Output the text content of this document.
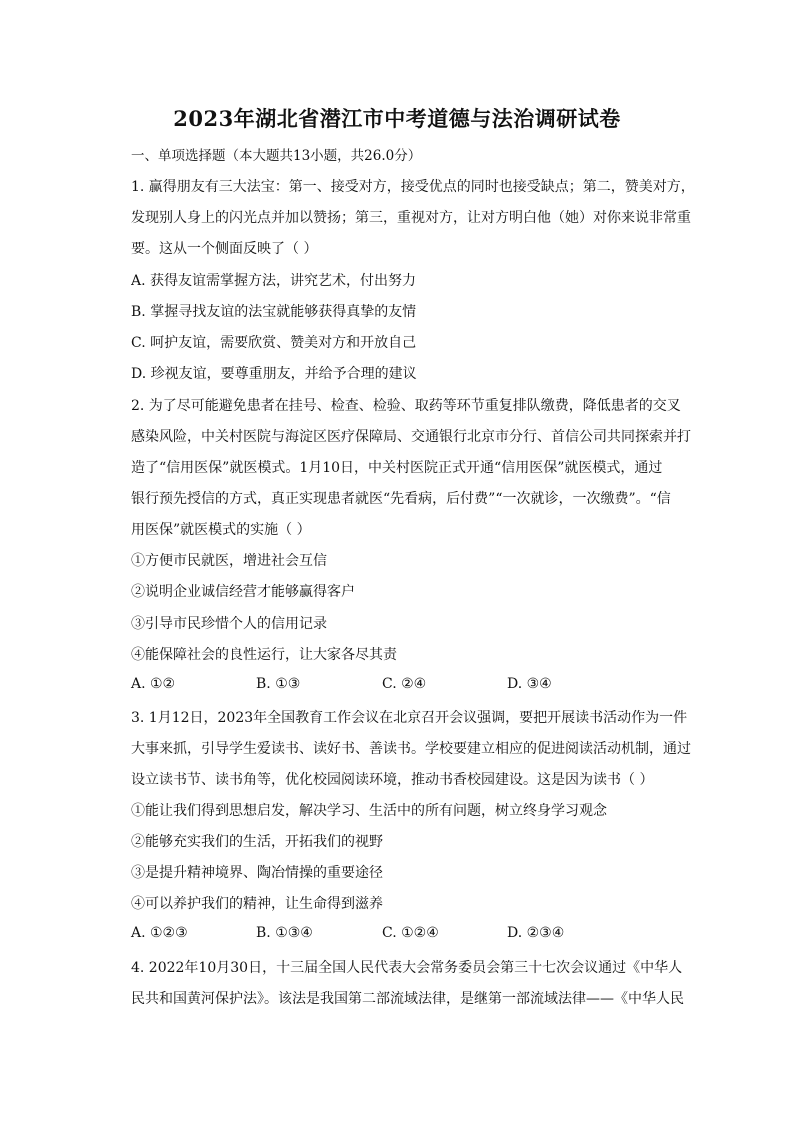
2023年湖北省潜江市中考道德与法治调研试卷
一、单项选择题（本大题共13小题，共26.0分）
1. 赢得朋友有三大法宝：第一、接受对方，接受优点的同时也接受缺点；第二，赞美对方，
发现别人身上的闪光点并加以赞扬；第三，重视对方，让对方明白他（她）对你来说非常重
要。这从一个侧面反映了（ ）
A. 获得友谊需掌握方法，讲究艺术，付出努力
B. 掌握寻找友谊的法宝就能够获得真挚的友情
C. 呵护友谊，需要欣赏、赞美对方和开放自己
D. 珍视友谊，要尊重朋友，并给予合理的建议
2. 为了尽可能避免患者在挂号、检查、检验、取药等环节重复排队缴费，降低患者的交叉
感染风险，中关村医院与海淀区医疗保障局、交通银行北京市分行、首信公司共同探索并打
造了“信用医保”就医模式。1月10日，中关村医院正式开通“信用医保”就医模式，通过
银行预先授信的方式，真正实现患者就医“先看病，后付费”“一次就诊，一次缴费”。“信
用医保”就医模式的实施（ ）
①方便市民就医，增进社会互信
②说明企业诚信经营才能够赢得客户
③引导市民珍惜个人的信用记录
④能保障社会的良性运行，让大家各尽其责
A. ①②	B. ①③	C. ②④	D. ③④
3. 1月12日，2023年全国教育工作会议在北京召开会议强调，要把开展读书活动作为一件
大事来抓，引导学生爱读书、读好书、善读书。学校要建立相应的促进阅读活动机制，通过
设立读书节、读书角等，优化校园阅读环境，推动书香校园建设。这是因为读书（ ）
①能让我们得到思想启发，解决学习、生活中的所有问题，树立终身学习观念
②能够充实我们的生活，开拓我们的视野
③是提升精神境界、陶冶情操的重要途径
④可以养护我们的精神，让生命得到滋养
A. ①②③	B. ①③④	C. ①②④	D. ②③④
4. 2022年10月30日，十三届全国人民代表大会常务委员会第三十七次会议通过《中华人
民共和国黄河保护法》。该法是我国第二部流域法律，是继第一部流域法律——《中华人民
